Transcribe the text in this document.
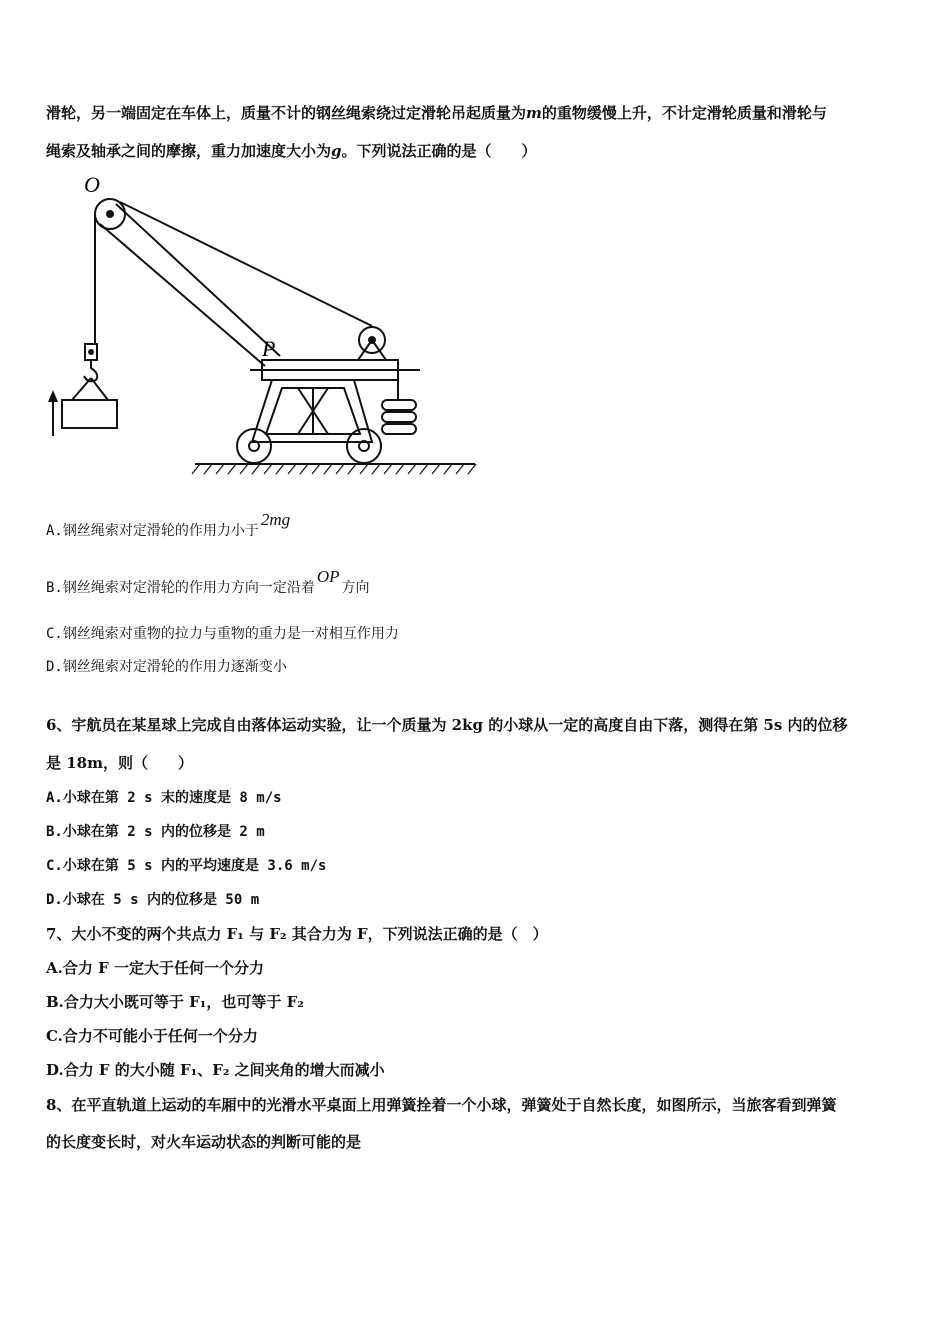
滑轮，另一端固定在车体上，质量不计的钢丝绳索绕过定滑轮吊起质量为m的重物缓慢上升，不计定滑轮质量和滑轮与
绳索及轴承之间的摩擦，重力加速度大小为g。下列说法正确的是（　　）
O
P
A.钢丝绳索对定滑轮的作用力小于2mg
B.钢丝绳索对定滑轮的作用力方向一定沿着OP方向
C.钢丝绳索对重物的拉力与重物的重力是一对相互作用力
D.钢丝绳索对定滑轮的作用力逐渐变小
6、宇航员在某星球上完成自由落体运动实验，让一个质量为 2kg 的小球从一定的高度自由下落，测得在第 5s 内的位移
是 18m，则（　　）
A.小球在第 2 s 末的速度是 8 m/s
B.小球在第 2 s 内的位移是 2 m
C.小球在第 5 s 内的平均速度是 3.6 m/s
D.小球在 5 s 内的位移是 50 m
7、大小不变的两个共点力 F₁ 与 F₂ 其合力为 F，下列说法正确的是（　）
A.合力 F 一定大于任何一个分力
B.合力大小既可等于 F₁，也可等于 F₂
C.合力不可能小于任何一个分力
D.合力 F 的大小随 F₁、F₂ 之间夹角的增大而减小
8、在平直轨道上运动的车厢中的光滑水平桌面上用弹簧拴着一个小球，弹簧处于自然长度，如图所示，当旅客看到弹簧
的长度变长时，对火车运动状态的判断可能的是
